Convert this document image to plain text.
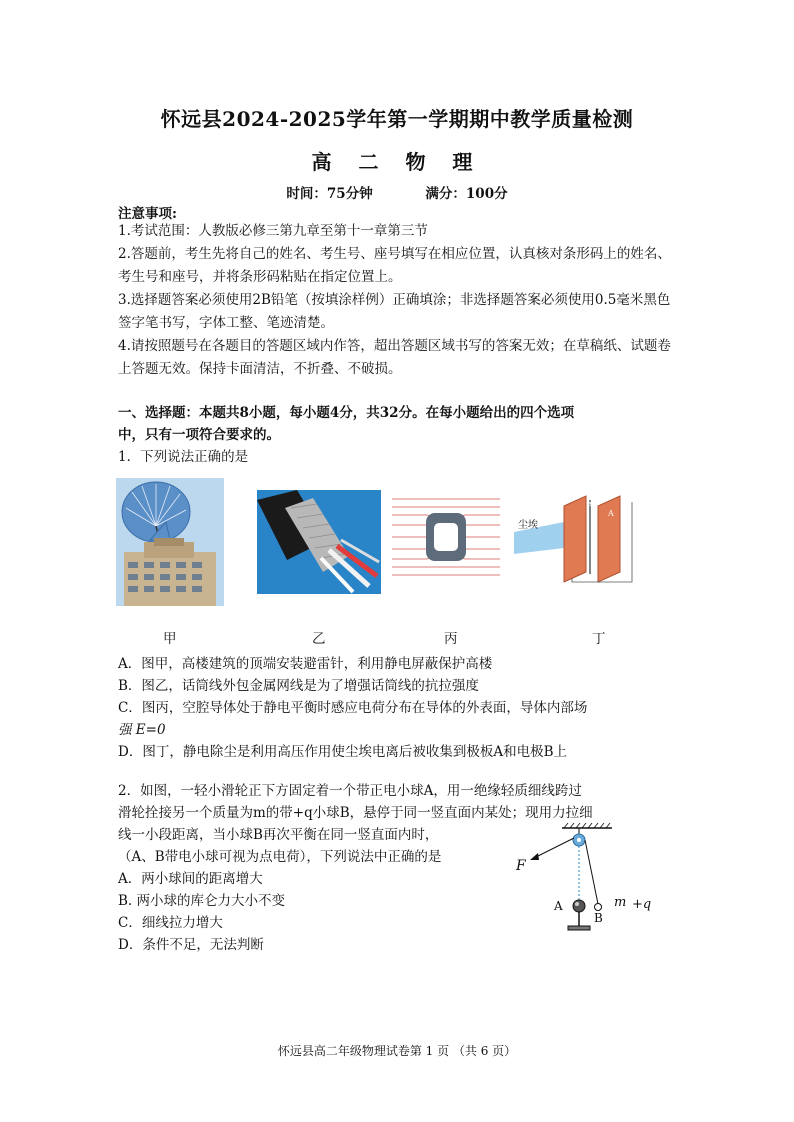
怀远县2024-2025学年第一学期期中教学质量检测
高 二 物 理
时间：75分钟	满分：100分
注意事项:
1.考试范围：人教版必修三第九章至第十一章第三节
2.答题前，考生先将自己的姓名、考生号、座号填写在相应位置，认真核对条形码上的姓名、考生号和座号，并将条形码粘贴在指定位置上。
3.选择题答案必须使用2B铅笔（按填涂样例）正确填涂；非选择题答案必须使用0.5毫米黑色签字笔书写，字体工整、笔迹清楚。
4.请按照题号在各题目的答题区域内作答，超出答题区域书写的答案无效；在草稿纸、试题卷上答题无效。保持卡面清洁，不折叠、不破损。
一、选择题：本题共8小题，每小题4分，共32分。在每小题给出的四个选项
中，只有一项符合要求的。
1．下列说法正确的是
尘埃
A
A
甲	乙	丙	丁
A．图甲，高楼建筑的顶端安装避雷针，利用静电屏蔽保护高楼
B．图乙，话筒线外包金属网线是为了增强话筒线的抗拉强度
C．图丙，空腔导体处于静电平衡时感应电荷分布在导体的外表面，导体内部场
强 E=0
D．图丁，静电除尘是利用高压作用使尘埃电离后被收集到极板A和电极B上
2．如图，一轻小滑轮正下方固定着一个带正电小球A，用一绝缘轻质细线跨过
滑轮拴接另一个质量为m的带+q小球B，悬停于同一竖直面内某处；现用力拉细
线一小段距离，当小球B再次平衡在同一竖直面内时，
（A、B带电小球可视为点电荷），下列说法中正确的是
A．两小球间的距离增大
B. 两小球的库仑力大小不变
C．细线拉力增大
D．条件不足，无法判断
F
A
B
m +q
怀远县高二年级物理试卷第 1 页 （共 6 页）
